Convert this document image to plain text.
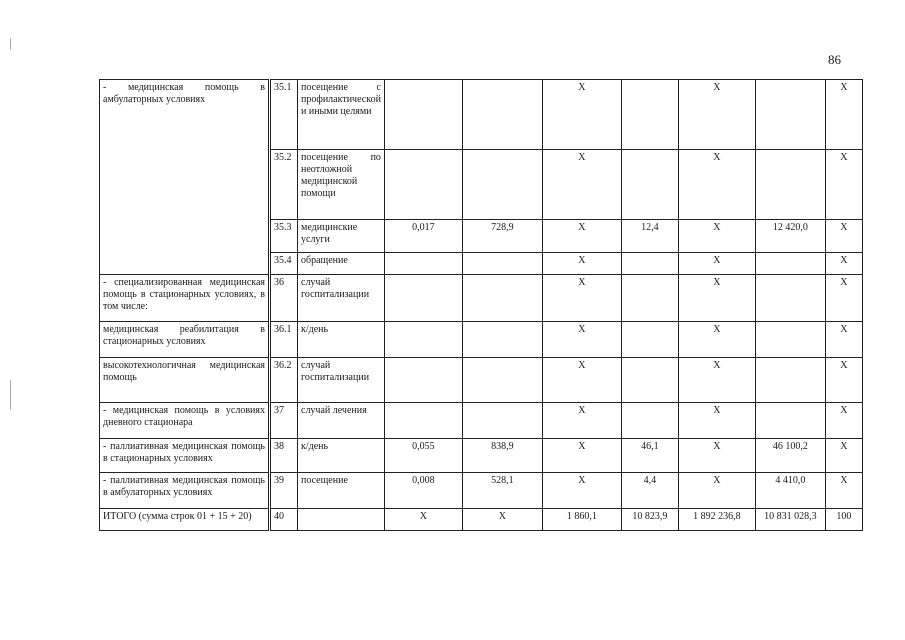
86
- медицинская помощь в амбулаторных условиях	35.1	посещение с профилактической и иными целями			Х		Х		Х
	35.2	посещение по неотложной медицинской помощи			Х		Х		Х
	35.3	медицинские услуги	0,017	728,9	Х	12,4	Х	12 420,0	Х
	35.4	обращение			Х		Х		Х
- специализированная медицинская помощь в стационарных условиях, в том числе:	36	случай госпитализации			Х		Х		Х
медицинская реабилитация в стационарных условиях	36.1	к/день			Х		Х		Х
высокотехнологичная медицинская помощь	36.2	случай госпитализации			Х		Х		Х
- медицинская помощь в условиях дневного стационара	37	случай лечения			Х		Х		Х
- паллиативная медицинская помощь в стационарных условиях	38	к/день	0,055	838,9	Х	46,1	Х	46 100,2	Х
- паллиативная медицинская помощь в амбулаторных условиях	39	посещение	0,008	528,1	Х	4,4	Х	4 410,0	Х
ИТОГО (сумма строк 01 + 15 + 20)	40		Х	Х	1 860,1	10 823,9	1 892 236,8	10 831 028,3	100
